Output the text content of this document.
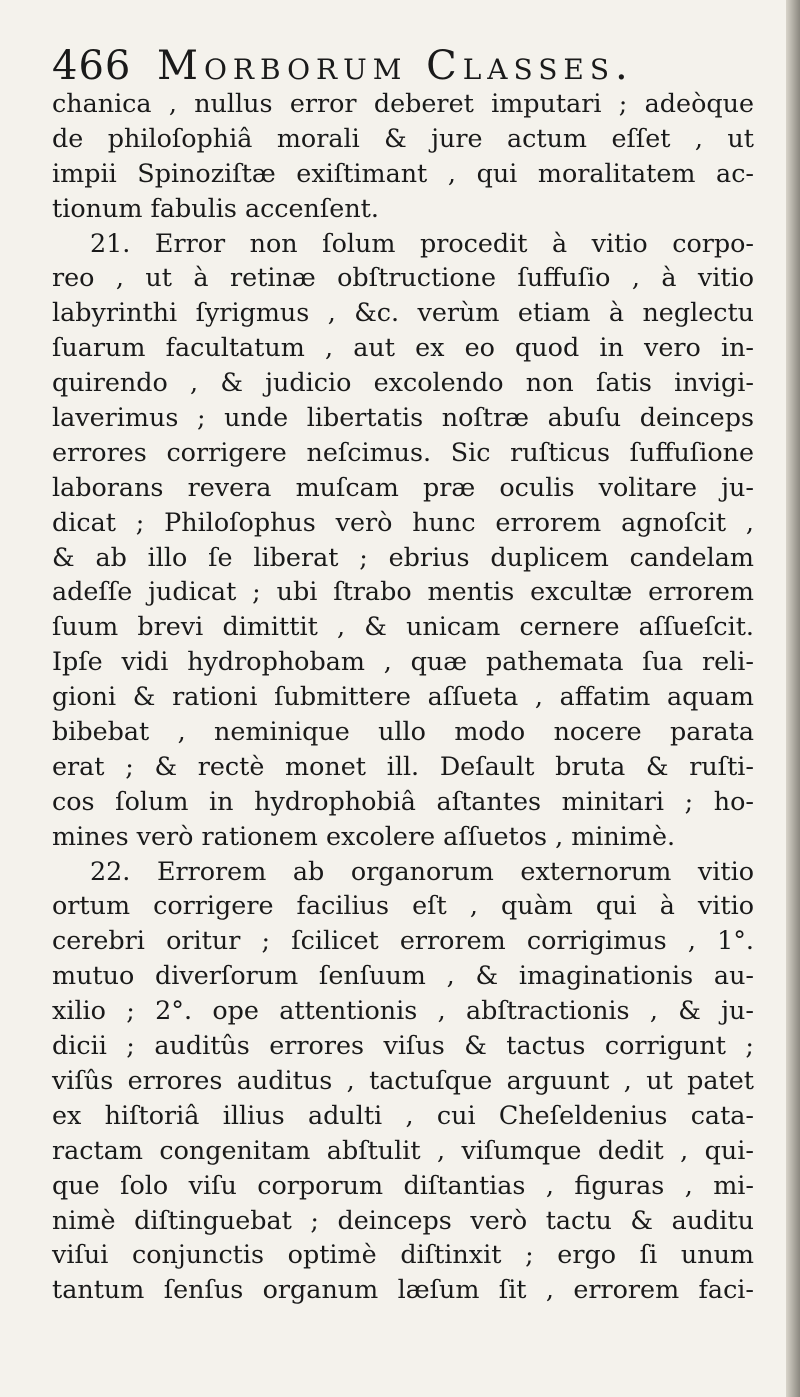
466 Morborum Classes.
chanica , nullus error deberet imputari ; adeòque
de philoſophiâ morali & jure actum eſſet , ut
impii Spinoziſtæ exiſtimant , qui moralitatem ac-
tionum fabulis accenſent.
21. Error non ſolum procedit à vitio corpo-
reo , ut à retinæ obſtructione ſuffuſio , à vitio
labyrinthi ſyrigmus , &c. verùm etiam à neglectu
ſuarum facultatum , aut ex eo quod in vero in-
quirendo , & judicio excolendo non ſatis invigi-
laverimus ; unde libertatis noſtræ abuſu deinceps
errores corrigere neſcimus. Sic ruſticus ſuffuſione
laborans revera muſcam præ oculis volitare ju-
dicat ; Philoſophus verò hunc errorem agnoſcit ,
& ab illo ſe liberat ; ebrius duplicem candelam
adeſſe judicat ; ubi ſtrabo mentis excultæ errorem
ſuum brevi dimittit , & unicam cernere aſſueſcit.
Ipſe vidi hydrophobam , quæ pathemata ſua reli-
gioni & rationi ſubmittere aſſueta , affatim aquam
bibebat , neminique ullo modo nocere parata
erat ; & rectè monet ill. Deſault bruta & ruſti-
cos ſolum in hydrophobiâ aſtantes minitari ; ho-
mines verò rationem excolere aſſuetos , minimè.
22. Errorem ab organorum externorum vitio
ortum corrigere facilius eſt , quàm qui à vitio
cerebri oritur ; ſcilicet errorem corrigimus , 1°.
mutuo diverſorum ſenſuum , & imaginationis au-
xilio ; 2°. ope attentionis , abſtractionis , & ju-
dicii ; auditûs errores viſus & tactus corrigunt ;
viſûs errores auditus , tactuſque arguunt , ut patet
ex hiſtoriâ illius adulti , cui Cheſeldenius cata-
ractam congenitam abſtulit , viſumque dedit , qui-
que ſolo viſu corporum diſtantias , figuras , mi-
nimè diſtinguebat ; deinceps verò tactu & auditu
viſui conjunctis optimè diſtinxit ; ergo ſi unum
tantum ſenſus organum læſum ſit , errorem faci-
